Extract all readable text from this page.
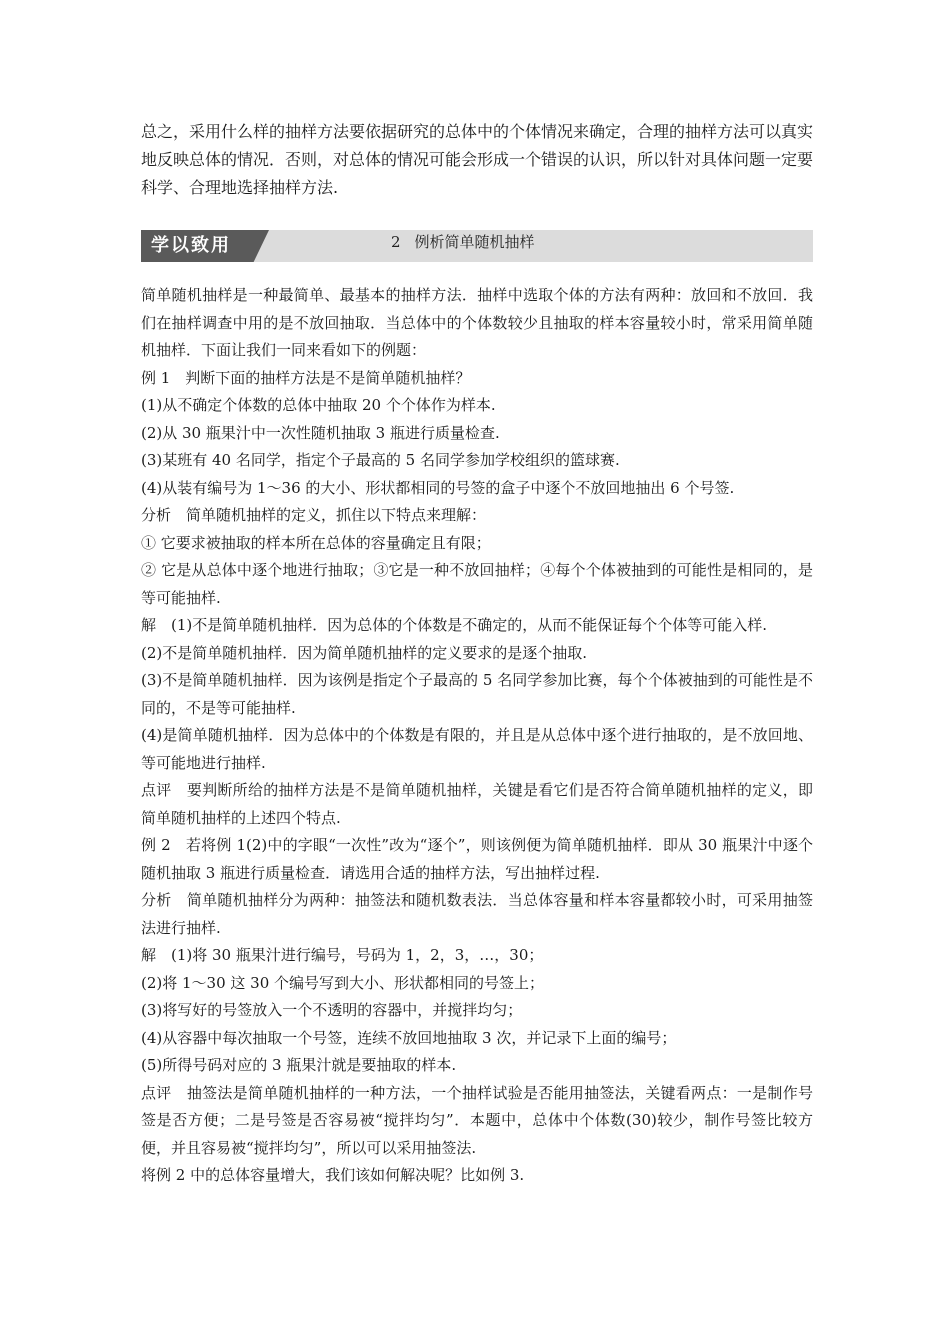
总之，采用什么样的抽样方法要依据研究的总体中的个体情况来确定，合理的抽样方法可以真实地反映总体的情况．否则，对总体的情况可能会形成一个错误的认识，所以针对具体问题一定要科学、合理地选择抽样方法.

学以致用	2 例析简单随机抽样

简单随机抽样是一种最简单、最基本的抽样方法．抽样中选取个体的方法有两种：放回和不放回．我们在抽样调查中用的是不放回抽取．当总体中的个体数较少且抽取的样本容量较小时，常采用简单随机抽样．下面让我们一同来看如下的例题：

例 1　判断下面的抽样方法是不是简单随机抽样？

(1)从不确定个体数的总体中抽取 20 个个体作为样本.

(2)从 30 瓶果汁中一次性随机抽取 3 瓶进行质量检查.

(3)某班有 40 名同学，指定个子最高的 5 名同学参加学校组织的篮球赛.

(4)从装有编号为 1～36 的大小、形状都相同的号签的盒子中逐个不放回地抽出 6 个号签.

分析　简单随机抽样的定义，抓住以下特点来理解：

① 它要求被抽取的样本所在总体的容量确定且有限；

② 它是从总体中逐个地进行抽取；③它是一种不放回抽样；④每个个体被抽到的可能性是相同的，是等可能抽样.

解　(1)不是简单随机抽样．因为总体的个体数是不确定的，从而不能保证每个个体等可能入样.

(2)不是简单随机抽样．因为简单随机抽样的定义要求的是逐个抽取.

(3)不是简单随机抽样．因为该例是指定个子最高的 5 名同学参加比赛，每个个体被抽到的可能性是不同的，不是等可能抽样.

(4)是简单随机抽样．因为总体中的个体数是有限的，并且是从总体中逐个进行抽取的，是不放回地、等可能地进行抽样.

点评　要判断所给的抽样方法是不是简单随机抽样，关键是看它们是否符合简单随机抽样的定义，即简单随机抽样的上述四个特点.

例 2　若将例 1(2)中的字眼“一次性”改为“逐个”，则该例便为简单随机抽样．即从 30 瓶果汁中逐个随机抽取 3 瓶进行质量检查．请选用合适的抽样方法，写出抽样过程.

分析　简单随机抽样分为两种：抽签法和随机数表法．当总体容量和样本容量都较小时，可采用抽签法进行抽样.

解　(1)将 30 瓶果汁进行编号，号码为 1，2，3，…，30；

(2)将 1～30 这 30 个编号写到大小、形状都相同的号签上；

(3)将写好的号签放入一个不透明的容器中，并搅拌均匀；

(4)从容器中每次抽取一个号签，连续不放回地抽取 3 次，并记录下上面的编号；

(5)所得号码对应的 3 瓶果汁就是要抽取的样本.

点评　抽签法是简单随机抽样的一种方法，一个抽样试验是否能用抽签法，关键看两点：一是制作号签是否方便；二是号签是否容易被“搅拌均匀”．本题中，总体中个体数(30)较少，制作号签比较方便，并且容易被“搅拌均匀”，所以可以采用抽签法.

将例 2 中的总体容量增大，我们该如何解决呢？比如例 3.
